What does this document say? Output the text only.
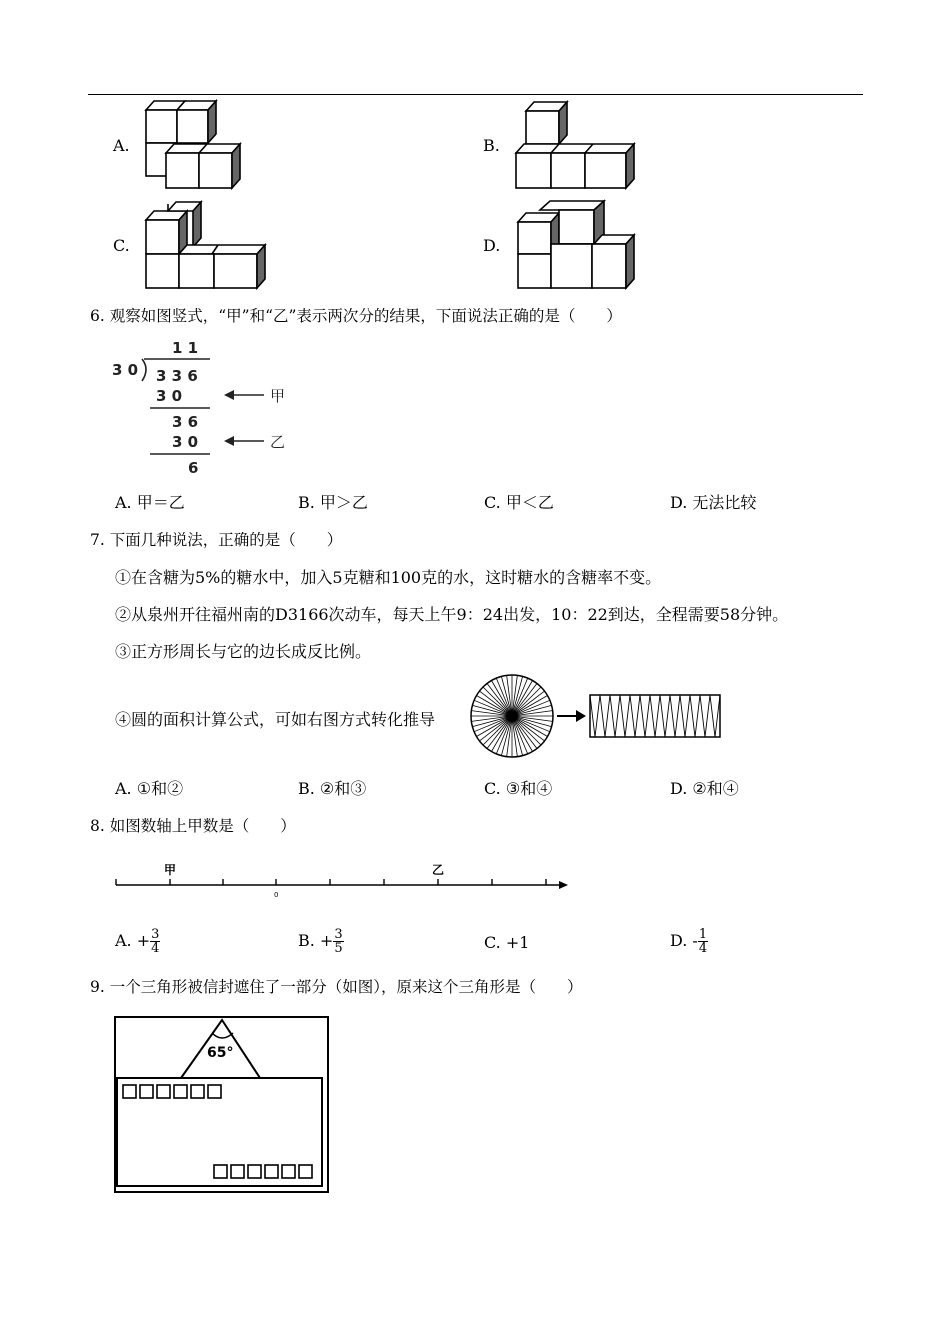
A.	B.
C.	D.
6. 观察如图竖式，“甲”和“乙”表示两次分的结果，下面说法正确的是（　　）
1 1
3 0 3 3 6
3 0
3 6
3 0
6
甲
乙
A. 甲＝乙	B. 甲＞乙	C. 甲＜乙	D. 无法比较
7. 下面几种说法，正确的是（　　）
①在含糖为5%的糖水中，加入5克糖和100克的水，这时糖水的含糖率不变。
②从泉州开往福州南的D3166次动车，每天上午9：24出发，10：22到达，全程需要58分钟。
③正方形周长与它的边长成反比例。
④圆的面积计算公式，可如右图方式转化推导
A. ①和②	B. ②和③	C. ③和④	D. ②和④
8. 如图数轴上甲数是（　　）
甲	乙
0
A. + $\frac{3}{4}$	B. + $\frac{3}{5}$	C. +1	D. - $\frac{1}{4}$
9. 一个三角形被信封遮住了一部分（如图），原来这个三角形是（　　）
65°
